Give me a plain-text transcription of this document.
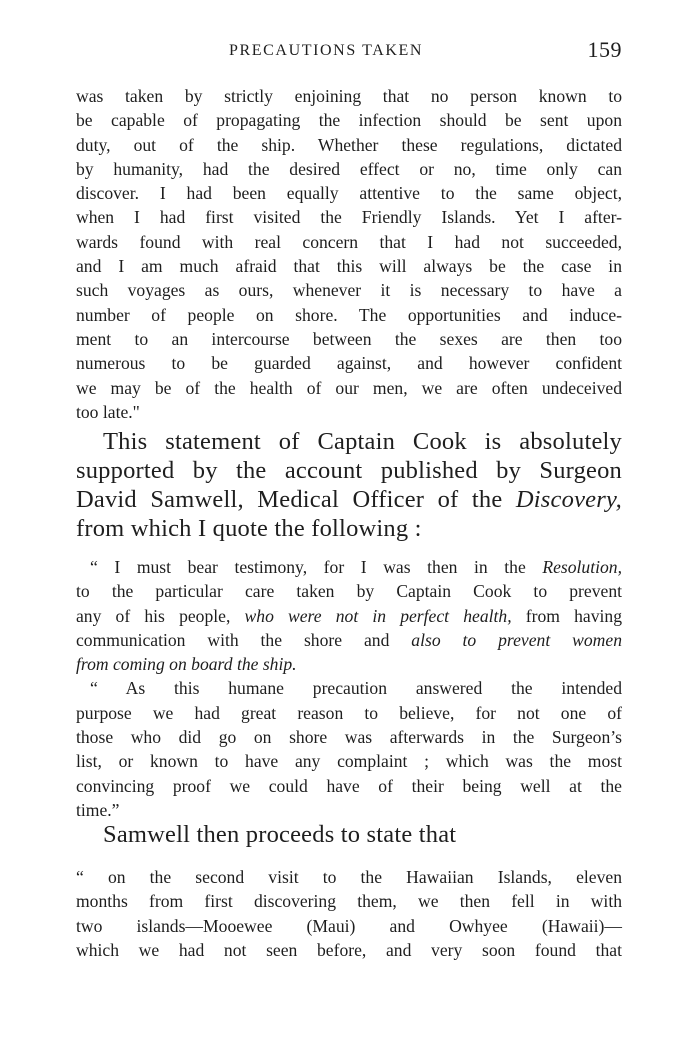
PRECAUTIONS TAKEN	159
was taken by strictly enjoining that no person known to
be capable of propagating the infection should be sent upon
duty, out of the ship. Whether these regulations, dictated
by humanity, had the desired effect or no, time only can
discover. I had been equally attentive to the same object,
when I had first visited the Friendly Islands. Yet I after-
wards found with real concern that I had not succeeded,
and I am much afraid that this will always be the case in
such voyages as ours, whenever it is necessary to have a
number of people on shore. The opportunities and induce-
ment to an intercourse between the sexes are then too
numerous to be guarded against, and however confident
we may be of the health of our men, we are often undeceived
too late."
This statement of Captain Cook is absolutely
supported by the account published by Surgeon
David Samwell, Medical Officer of the Discovery,
from which I quote the following :
“ I must bear testimony, for I was then in the Resolution,
to the particular care taken by Captain Cook to prevent
any of his people, who were not in perfect health, from having
communication with the shore and also to prevent women
from coming on board the ship.
“ As this humane precaution answered the intended
purpose we had great reason to believe, for not one of
those who did go on shore was afterwards in the Surgeon’s
list, or known to have any complaint ; which was the most
convincing proof we could have of their being well at the
time.”
Samwell then proceeds to state that
“ on the second visit to the Hawaiian Islands, eleven
months from first discovering them, we then fell in with
two islands—Mooewee (Maui) and Owhyee (Hawaii)—
which we had not seen before, and very soon found that
